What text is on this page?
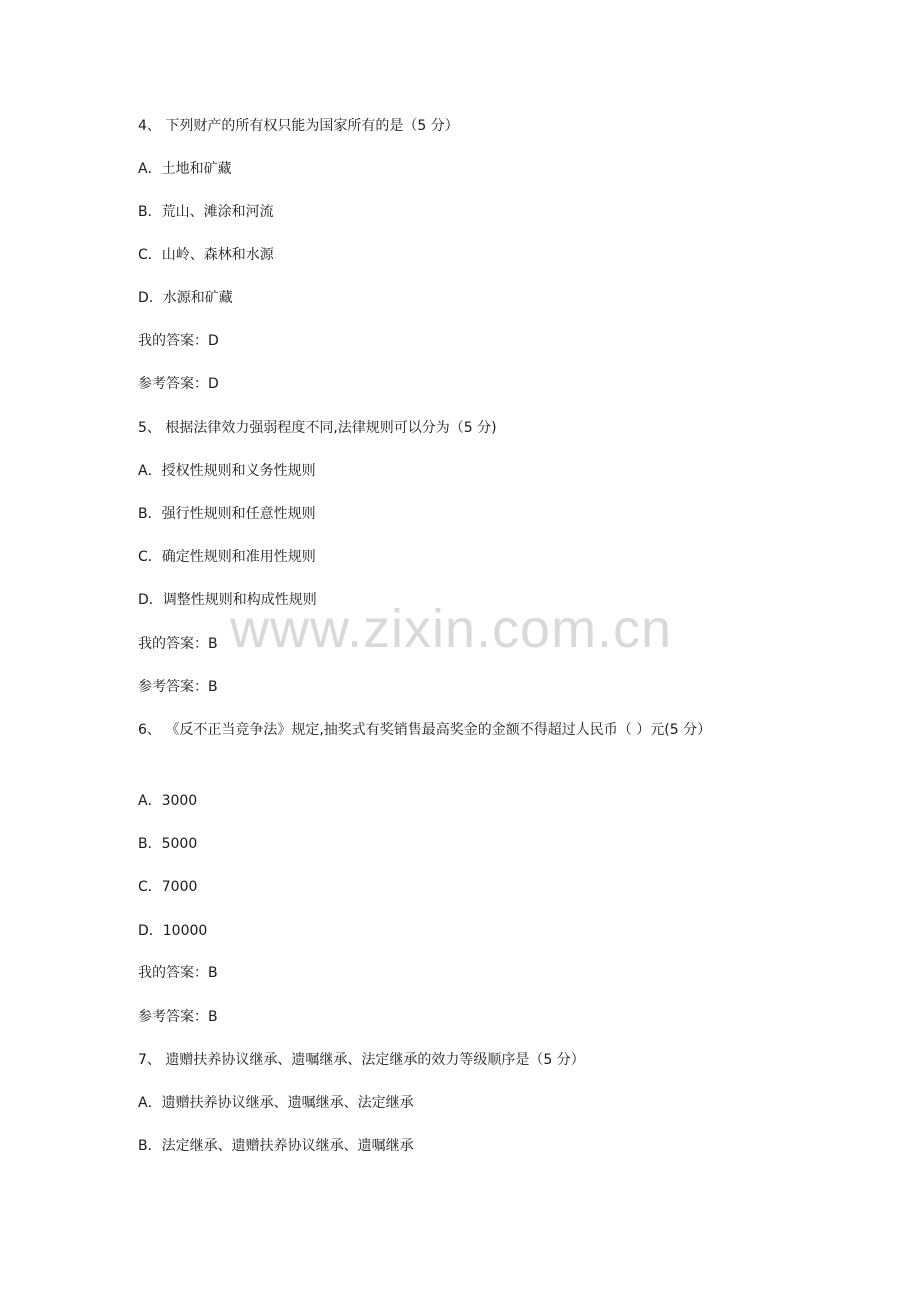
4、 下列财产的所有权只能为国家所有的是（5 分）
A．土地和矿藏
B．荒山、滩涂和河流
C．山岭、森林和水源
D．水源和矿藏
我的答案：D
参考答案：D
5、 根据法律效力强弱程度不同,法律规则可以分为（5 分)
A．授权性规则和义务性规则
B．强行性规则和任意性规则
C．确定性规则和准用性规则
D．调整性规则和构成性规则
我的答案：B
参考答案：B
6、 《反不正当竞争法》规定,抽奖式有奖销售最高奖金的金额不得超过人民币（ ）元(5 分）
A．3000
B．5000
C．7000
D．10000
我的答案：B
参考答案：B
7、 遗赠扶养协议继承、遗嘱继承、法定继承的效力等级顺序是（5 分）
A．遗赠扶养协议继承、遗嘱继承、法定继承
B．法定继承、遗赠扶养协议继承、遗嘱继承
www.zixin.com.cn
